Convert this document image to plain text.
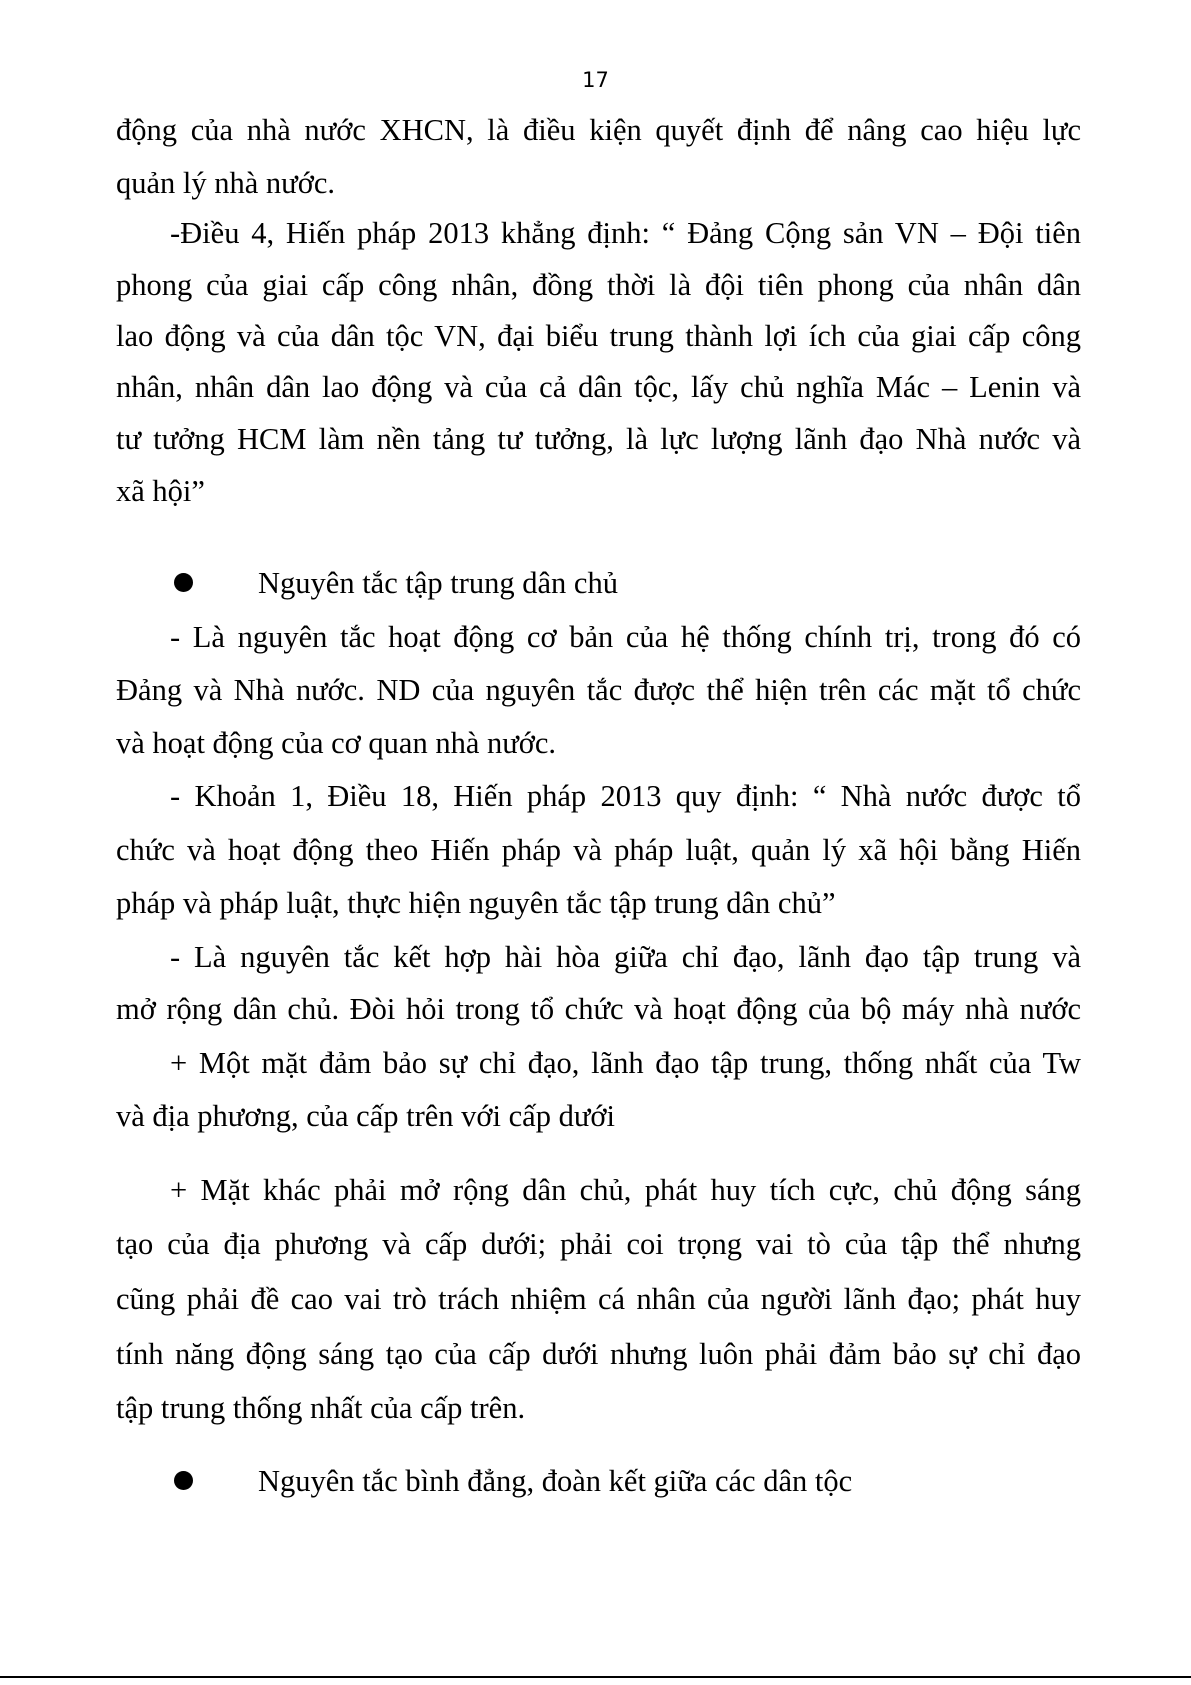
17
động của nhà nước XHCN, là điều kiện quyết định để nâng cao hiệu lực
quản lý nhà nước.
-Điều 4, Hiến pháp 2013 khẳng định: “ Đảng Cộng sản VN – Đội tiên
phong của giai cấp công nhân, đồng thời là đội tiên phong của nhân dân
lao động và của dân tộc VN, đại biểu trung thành lợi ích của giai cấp công
nhân, nhân dân lao động và của cả dân tộc, lấy chủ nghĩa Mác – Lenin và
tư tưởng HCM làm nền tảng tư tưởng, là lực lượng lãnh đạo Nhà nước và
xã hội”
Nguyên tắc tập trung dân chủ
- Là nguyên tắc hoạt động cơ bản của hệ thống chính trị, trong đó có
Đảng và Nhà nước. ND của nguyên tắc được thể hiện trên các mặt tổ chức
và hoạt động của cơ quan nhà nước.
- Khoản 1, Điều 18, Hiến pháp 2013 quy định: “ Nhà nước được tổ
chức và hoạt động theo Hiến pháp và pháp luật, quản lý xã hội bằng Hiến
pháp và pháp luật, thực hiện nguyên tắc tập trung dân chủ”
- Là nguyên tắc kết hợp hài hòa giữa chỉ đạo, lãnh đạo tập trung và
mở rộng dân chủ. Đòi hỏi trong tổ chức và hoạt động của bộ máy nhà nước
+ Một mặt đảm bảo sự chỉ đạo, lãnh đạo tập trung, thống nhất của Tw
và địa phương, của cấp trên với cấp dưới
+ Mặt khác phải mở rộng dân chủ, phát huy tích cực, chủ động sáng
tạo của địa phương và cấp dưới; phải coi trọng vai tò của tập thể nhưng
cũng phải đề cao vai trò trách nhiệm cá nhân của người lãnh đạo; phát huy
tính năng động sáng tạo của cấp dưới nhưng luôn phải đảm bảo sự chỉ đạo
tập trung thống nhất của cấp trên.
Nguyên tắc bình đẳng, đoàn kết giữa các dân tộc
